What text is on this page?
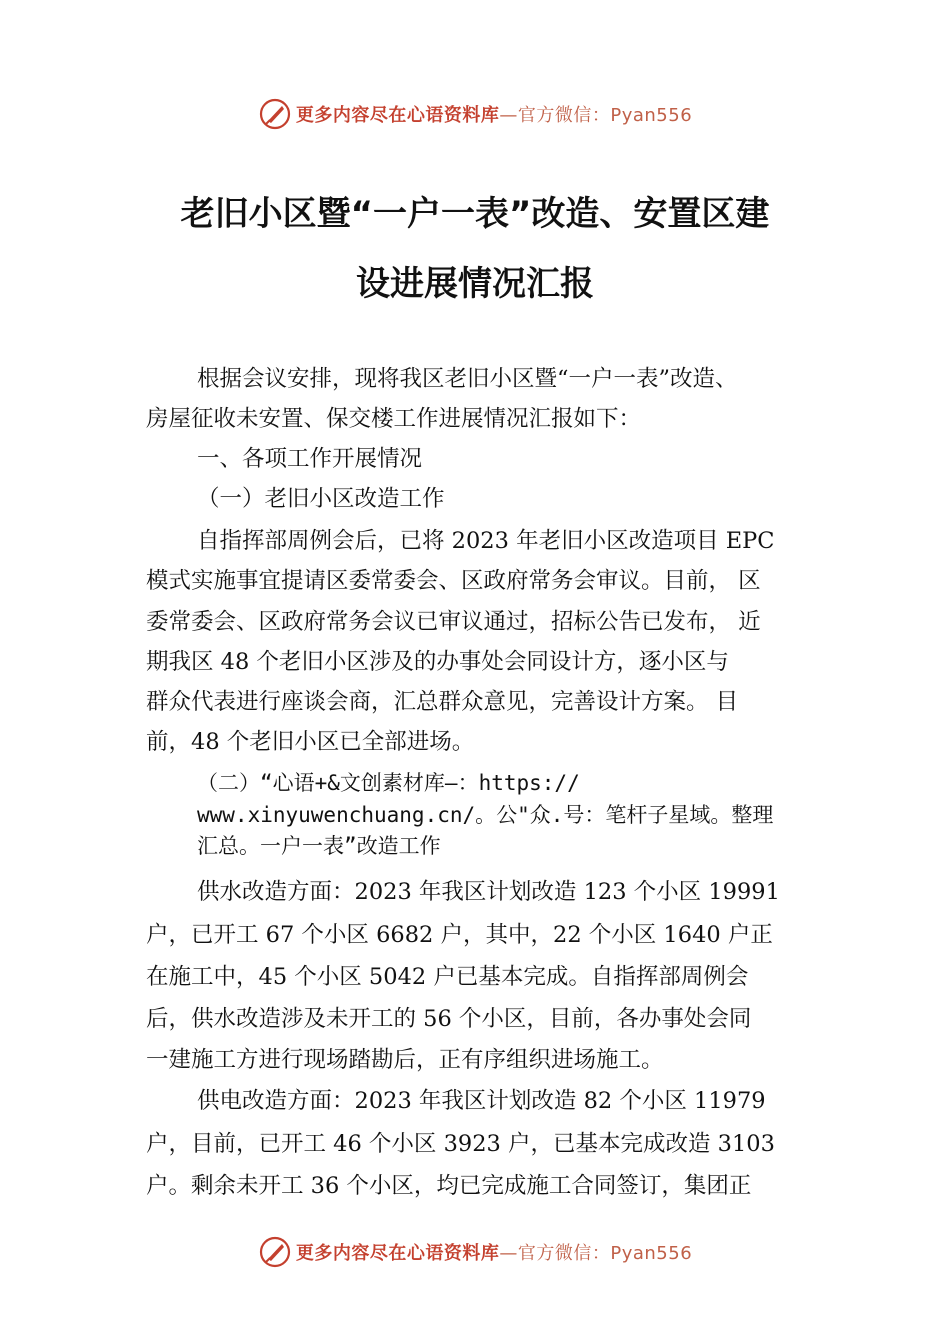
更多内容尽在心语资料库—官方微信：Pyan556
老旧小区暨“一户一表”改造、安置区建
设进展情况汇报
根据会议安排，现将我区老旧小区暨“一户一表”改造、
房屋征收未安置、保交楼工作进展情况汇报如下：
一、各项工作开展情况
（一）老旧小区改造工作
自指挥部周例会后，已将 2023 年老旧小区改造项目 EPC
模式实施事宜提请区委常委会、区政府常务会审议。目前， 区
委常委会、区政府常务会议已审议通过，招标公告已发布， 近
期我区 48 个老旧小区涉及的办事处会同设计方，逐小区与
群众代表进行座谈会商，汇总群众意见，完善设计方案。 目
前，48 个老旧小区已全部进场。
（二）“心语+&文创素材库—：https://
www.xinyuwenchuang.cn/。公"众.号：笔杆子星域。整理
汇总。一户一表”改造工作
供水改造方面：2023 年我区计划改造 123 个小区 19991
户，已开工 67 个小区 6682 户，其中，22 个小区 1640 户正
在施工中，45 个小区 5042 户已基本完成。自指挥部周例会
后，供水改造涉及未开工的 56 个小区，目前，各办事处会同
一建施工方进行现场踏勘后，正有序组织进场施工。
供电改造方面：2023 年我区计划改造 82 个小区 11979
户，目前，已开工 46 个小区 3923 户，已基本完成改造 3103
户。剩余未开工 36 个小区，均已完成施工合同签订，集团正
更多内容尽在心语资料库—官方微信：Pyan556
